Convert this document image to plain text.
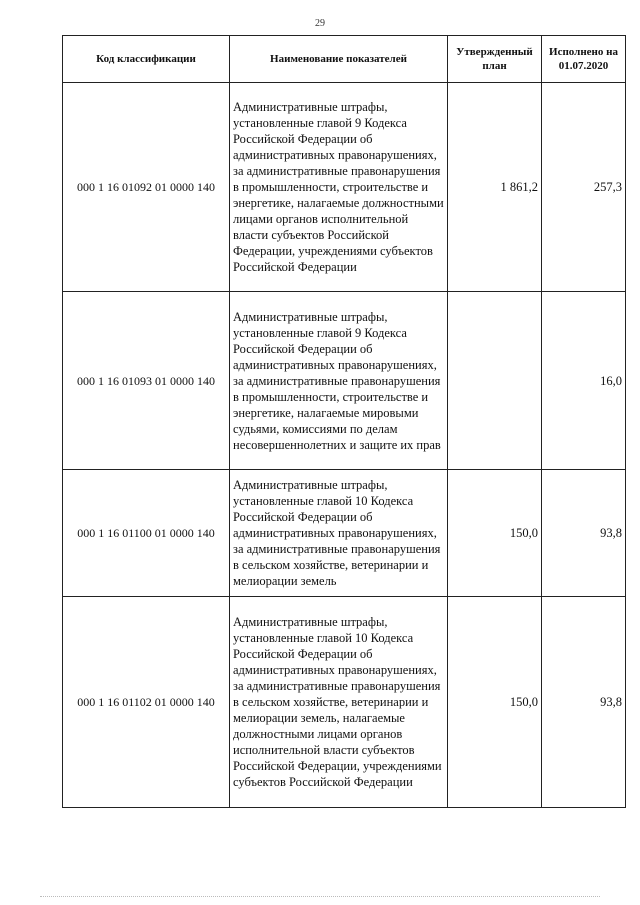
29
Код классификации	Наименование показателей	Утвержденный план	Исполнено на 01.07.2020
000 1 16 01092 01 0000 140	Административные штрафы, установленные главой 9 Кодекса Российской Федерации об административных правонарушениях, за административные правонарушения в промышленности, строительстве и энергетике, налагаемые должностными лицами органов исполнительной власти субъектов Российской Федерации, учреждениями субъектов Российской Федерации	1 861,2	257,3
000 1 16 01093 01 0000 140	Административные штрафы, установленные главой 9 Кодекса Российской Федерации об административных правонарушениях, за административные правонарушения в промышленности, строительстве и энергетике, налагаемые мировыми судьями, комиссиями по делам несовершеннолетних и защите их прав		16,0
000 1 16 01100 01 0000 140	Административные штрафы, установленные главой 10 Кодекса Российской Федерации об административных правонарушениях, за административные правонарушения в сельском хозяйстве, ветеринарии и мелиорации земель	150,0	93,8
000 1 16 01102 01 0000 140	Административные штрафы, установленные главой 10 Кодекса Российской Федерации об административных правонарушениях, за административные правонарушения в сельском хозяйстве, ветеринарии и мелиорации земель, налагаемые должностными лицами органов исполнительной власти субъектов Российской Федерации, учреждениями субъектов Российской Федерации	150,0	93,8
